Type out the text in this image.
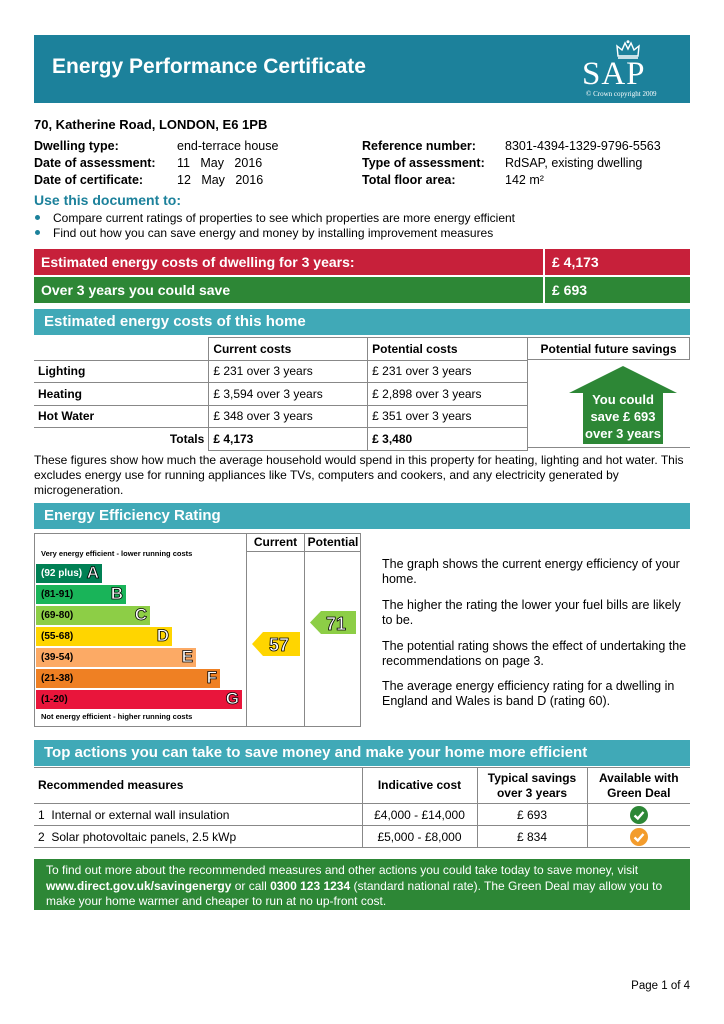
Energy Performance Certificate	SAP
© Crown copyright 2009
70, Katherine Road, LONDON, E6 1PB
Dwelling type:	end-terrace house
Date of assessment: 11   May   2016
Date of certificate:	12   May   2016
Reference number: 8301-4394-1329-9796-5563
Type of assessment: RdSAP, existing dwelling
Total floor area:	142 m²
Use this document to:
Compare current ratings of properties to see which properties are more energy efficient
Find out how you can save energy and money by installing improvement measures
Estimated energy costs of dwelling for 3 years:	£ 4,173
Over 3 years you could save	£ 693
Estimated energy costs of this home
	Current costs	Potential costs
Lighting	£ 231 over 3 years	£ 231 over 3 years
Heating	£ 3,594 over 3 years	£ 2,898 over 3 years
Hot Water	£ 348 over 3 years	£ 351 over 3 years
Totals	£ 4,173	£ 3,480
Potential future savings
You could
save £ 693
over 3 years
These figures show how much the average household would spend in this property for heating, lighting and hot water. This excludes energy use for running appliances like TVs, computers and cookers, and any electricity generated by microgeneration.
Energy Efficiency Rating
Current Potential
Very energy efficient - lower running costs
Not energy efficient - higher running costs
(92 plus) A
(81-91) B
(69-80)	C
(55-68)	D
(39-54)	E
(21-38)	F
(1-20)	G
57
71
The graph shows the current energy efficiency of your home.
The higher the rating the lower your fuel bills are likely to be.
The potential rating shows the effect of undertaking the recommendations on page 3.
The average energy efficiency rating for a dwelling in England and Wales is band D (rating 60).
Top actions you can take to save money and make your home more efficient
Recommended measures	Indicative cost	Typical savings over 3 years	Available with Green Deal
1 Internal or external wall insulation	£4,000 - £14,000	£ 693	
2 Solar photovoltaic panels, 2.5 kWp	£5,000 - £8,000	£ 834	
To find out more about the recommended measures and other actions you could take today to save money, visit www.direct.gov.uk/savingenergy or call 0300 123 1234 (standard national rate). The Green Deal may allow you to make your home warmer and cheaper to run at no up-front cost.
Page 1 of 4
